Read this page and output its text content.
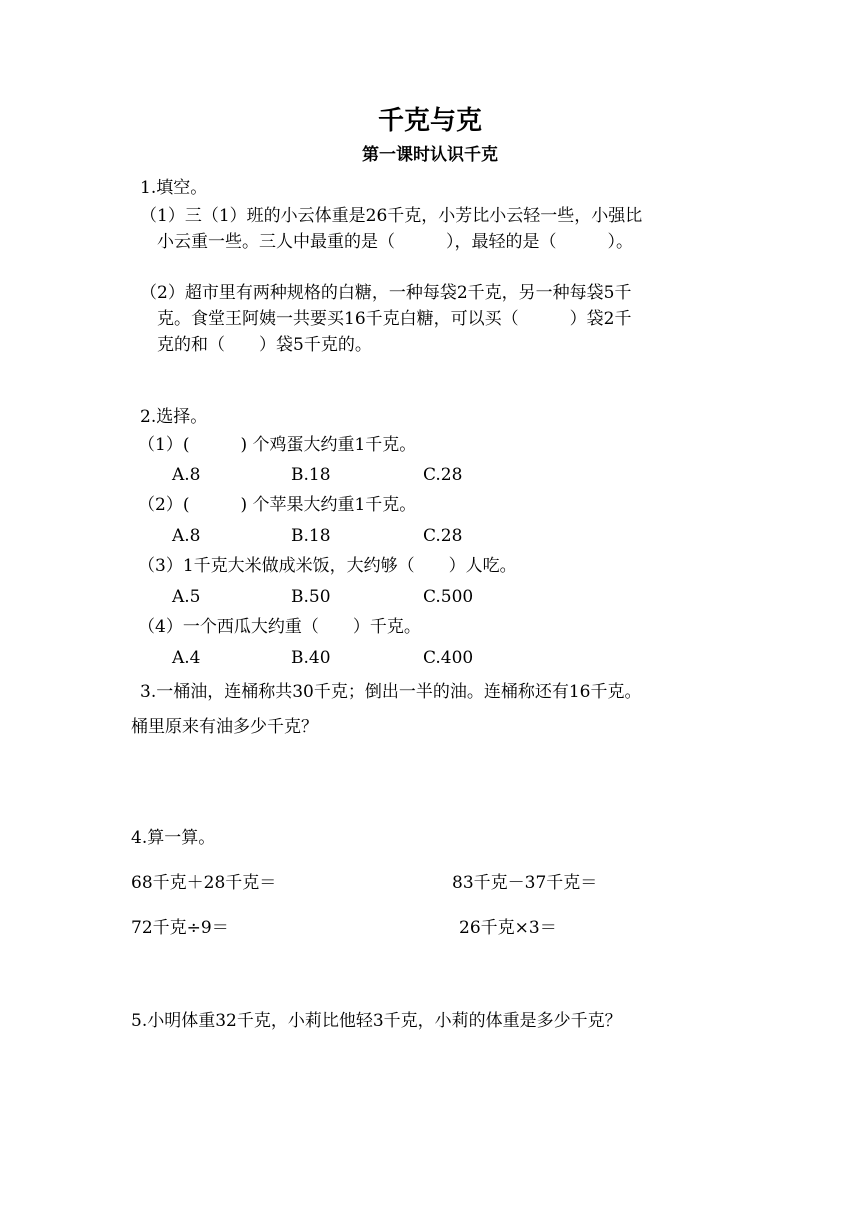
千克与克
第一课时认识千克
1.填空。
（1）三（1）班的小云体重是26千克，小芳比小云轻一些，小强比
小云重一些。三人中最重的是（　　　），最轻的是（　　　）。
（2）超市里有两种规格的白糖，一种每袋2千克，另一种每袋5千
克。食堂王阿姨一共要买16千克白糖，可以买（　　　）袋2千
克的和（　　）袋5千克的。
2.选择。
（1）(　　　) 个鸡蛋大约重1千克。
A.8	B.18	C.28
（2）(　　　) 个苹果大约重1千克。
A.8	B.18	C.28
（3）1千克大米做成米饭，大约够（　　）人吃。
A.5	B.50	C.500
（4）一个西瓜大约重（　　）千克。
A.4	B.40	C.400
3.一桶油，连桶称共30千克；倒出一半的油。连桶称还有16千克。
桶里原来有油多少千克？
4.算一算。
68千克＋28千克＝	83千克－37千克＝
72千克÷9＝	26千克×3＝
5.小明体重32千克，小莉比他轻3千克，小莉的体重是多少千克？
